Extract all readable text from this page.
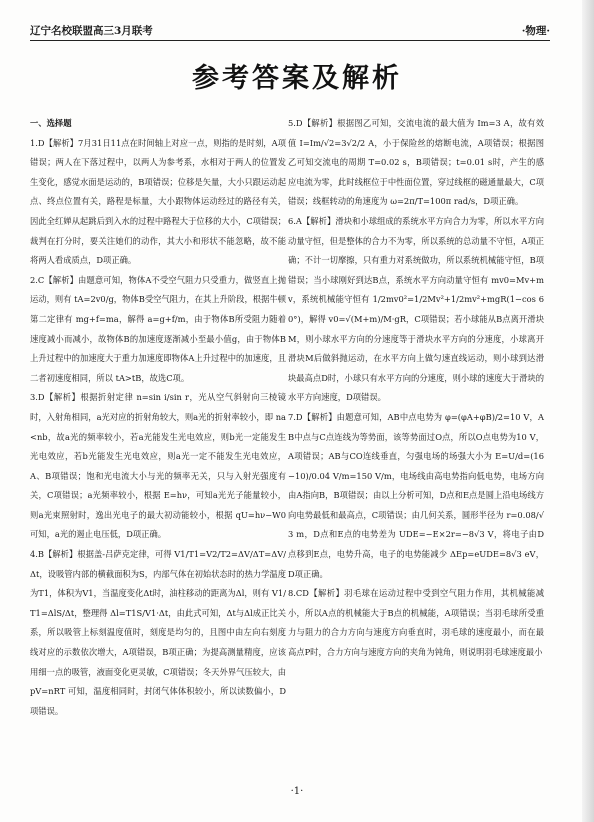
辽宁名校联盟高三3月联考	·物理·
参考答案及解析

一、选择题

1.D【解析】7月31日11点在时间轴上对应一点，则指的是时刻，A项错误；两人在下落过程中，以两人为参考系，水相对于两人的位置发生变化，感觉水面是运动的，B项错误；位移是矢量，大小只跟运动起点、终点位置有关，路程是标量，大小跟物体运动经过的路径有关，因此全红婵从起跳后到入水的过程中路程大于位移的大小，C项错误；裁判在打分时，要关注她们的动作，其大小和形状不能忽略，故不能将两人看成质点，D项正确。

2.C【解析】由题意可知，物体A不受空气阻力只受重力，做竖直上抛运动，则有 tA=2v0/g，物体B受空气阻力，在其上升阶段，根据牛顿第二定律有 mg+f=ma，解得 a=g+f/m，由于物体B所受阻力随着速度减小而减小，故物体B的加速度逐渐减小至最小值g，由于物体B上升过程中的加速度大于重力加速度即物体A上升过程中的加速度，且二者初速度相同，所以 tA>tB，故选C项。

3.D【解析】根据折射定律 n=sin i/sin r，光从空气斜射向三棱镜时，入射角相同，a光对应的折射角较大，则a光的折射率较小，即 na<nb，故a光的频率较小，若a光能发生光电效应，则b光一定能发生光电效应，若b光能发生光电效应，则a光一定不能发生光电效应，A、B项错误；饱和光电流大小与光的频率无关，只与入射光强度有关，C项错误；a光频率较小，根据 E=hν，可知a光光子能量较小，则a光束照射时，逸出光电子的最大初动能较小，根据 qU=hν−W0 可知，a光的遏止电压低，D项正确。

4.B【解析】根据盖-吕萨克定律，可得 V1/T1=V2/T2=ΔV/ΔT=ΔV/Δt，设吸管内部的横截面积为S，内部气体在初始状态时的热力学温度为T1，体积为V1，当温度变化Δt时，油柱移动的距离为Δl，则有 V1/T1=ΔlS/Δt，整理得 Δl=T1S/V1·Δt，由此式可知，Δt与Δl成正比关系，所以吸管上标刻温度值时，刻度是均匀的，且图中由左向右刻度线对应的示数依次增大，A项错误，B项正确；为提高测量精度，应该用细一点的吸管，液面变化更灵敏，C项错误；冬天外界气压较大，由 pV=nRT 可知，温度相同时，封闭气体体积较小，所以读数偏小，D项错误。

5.D【解析】根据图乙可知，交流电流的最大值为 Im=3 A，故有效值 I=Im/√2=3√2/2 A，小于保险丝的熔断电流，A项错误；根据图乙可知交流电的周期 T=0.02 s，B项错误；t=0.01 s时，产生的感应电流为零，此时线框位于中性面位置，穿过线框的磁通量最大，C项错误；线框转动的角速度为 ω=2π/T=100π rad/s，D项正确。

6.A【解析】滑块和小球组成的系统水平方向合力为零，所以水平方向动量守恒，但是整体的合力不为零，所以系统的总动量不守恒，A项正确；不计一切摩擦，只有重力对系统做功，所以系统机械能守恒，B项错误；当小球刚好到达B点，系统水平方向动量守恒有 mv0=Mv+mv，系统机械能守恒有 1/2mv0²=1/2Mv²+1/2mv²+mgR(1−cos 60°)，解得 v0=√(M+m)/M·gR，C项错误；若小球能从B点离开滑块M，则小球水平方向的分速度等于滑块水平方向的分速度，小球离开滑块M后做斜抛运动，在水平方向上做匀速直线运动，则小球到达滑块最高点D时，小球只有水平方向的分速度，则小球的速度大于滑块的水平方向速度，D项错误。

7.D【解析】由题意可知，AB中点电势为 φ=(φA+φB)/2=10 V，AB中点与C点连线为等势面，该等势面过O点，所以O点电势为10 V，A项错误；AB与CO连线垂直，匀强电场的场强大小为 E=U/d=(16−10)/0.04 V/m=150 V/m，电场线由高电势指向低电势，电场方向由A指向B，B项错误；由以上分析可知，D点和E点是圆上沿电场线方向电势最低和最高点，C项错误；由几何关系，圆形半径为 r=0.08/√3 m，D点和E点的电势差为 UDE=−E×2r=−8√3 V，将电子由D点移到E点，电势升高，电子的电势能减少 ΔEp=eUDE=8√3 eV，D项正确。

8.CD【解析】羽毛球在运动过程中受到空气阻力作用，其机械能减小，所以A点的机械能大于B点的机械能，A项错误；当羽毛球所受重力与阻力的合力方向与速度方向垂直时，羽毛球的速度最小，而在最高点P时，合力方向与速度方向的夹角为钝角，则说明羽毛球速度最小

·1·
